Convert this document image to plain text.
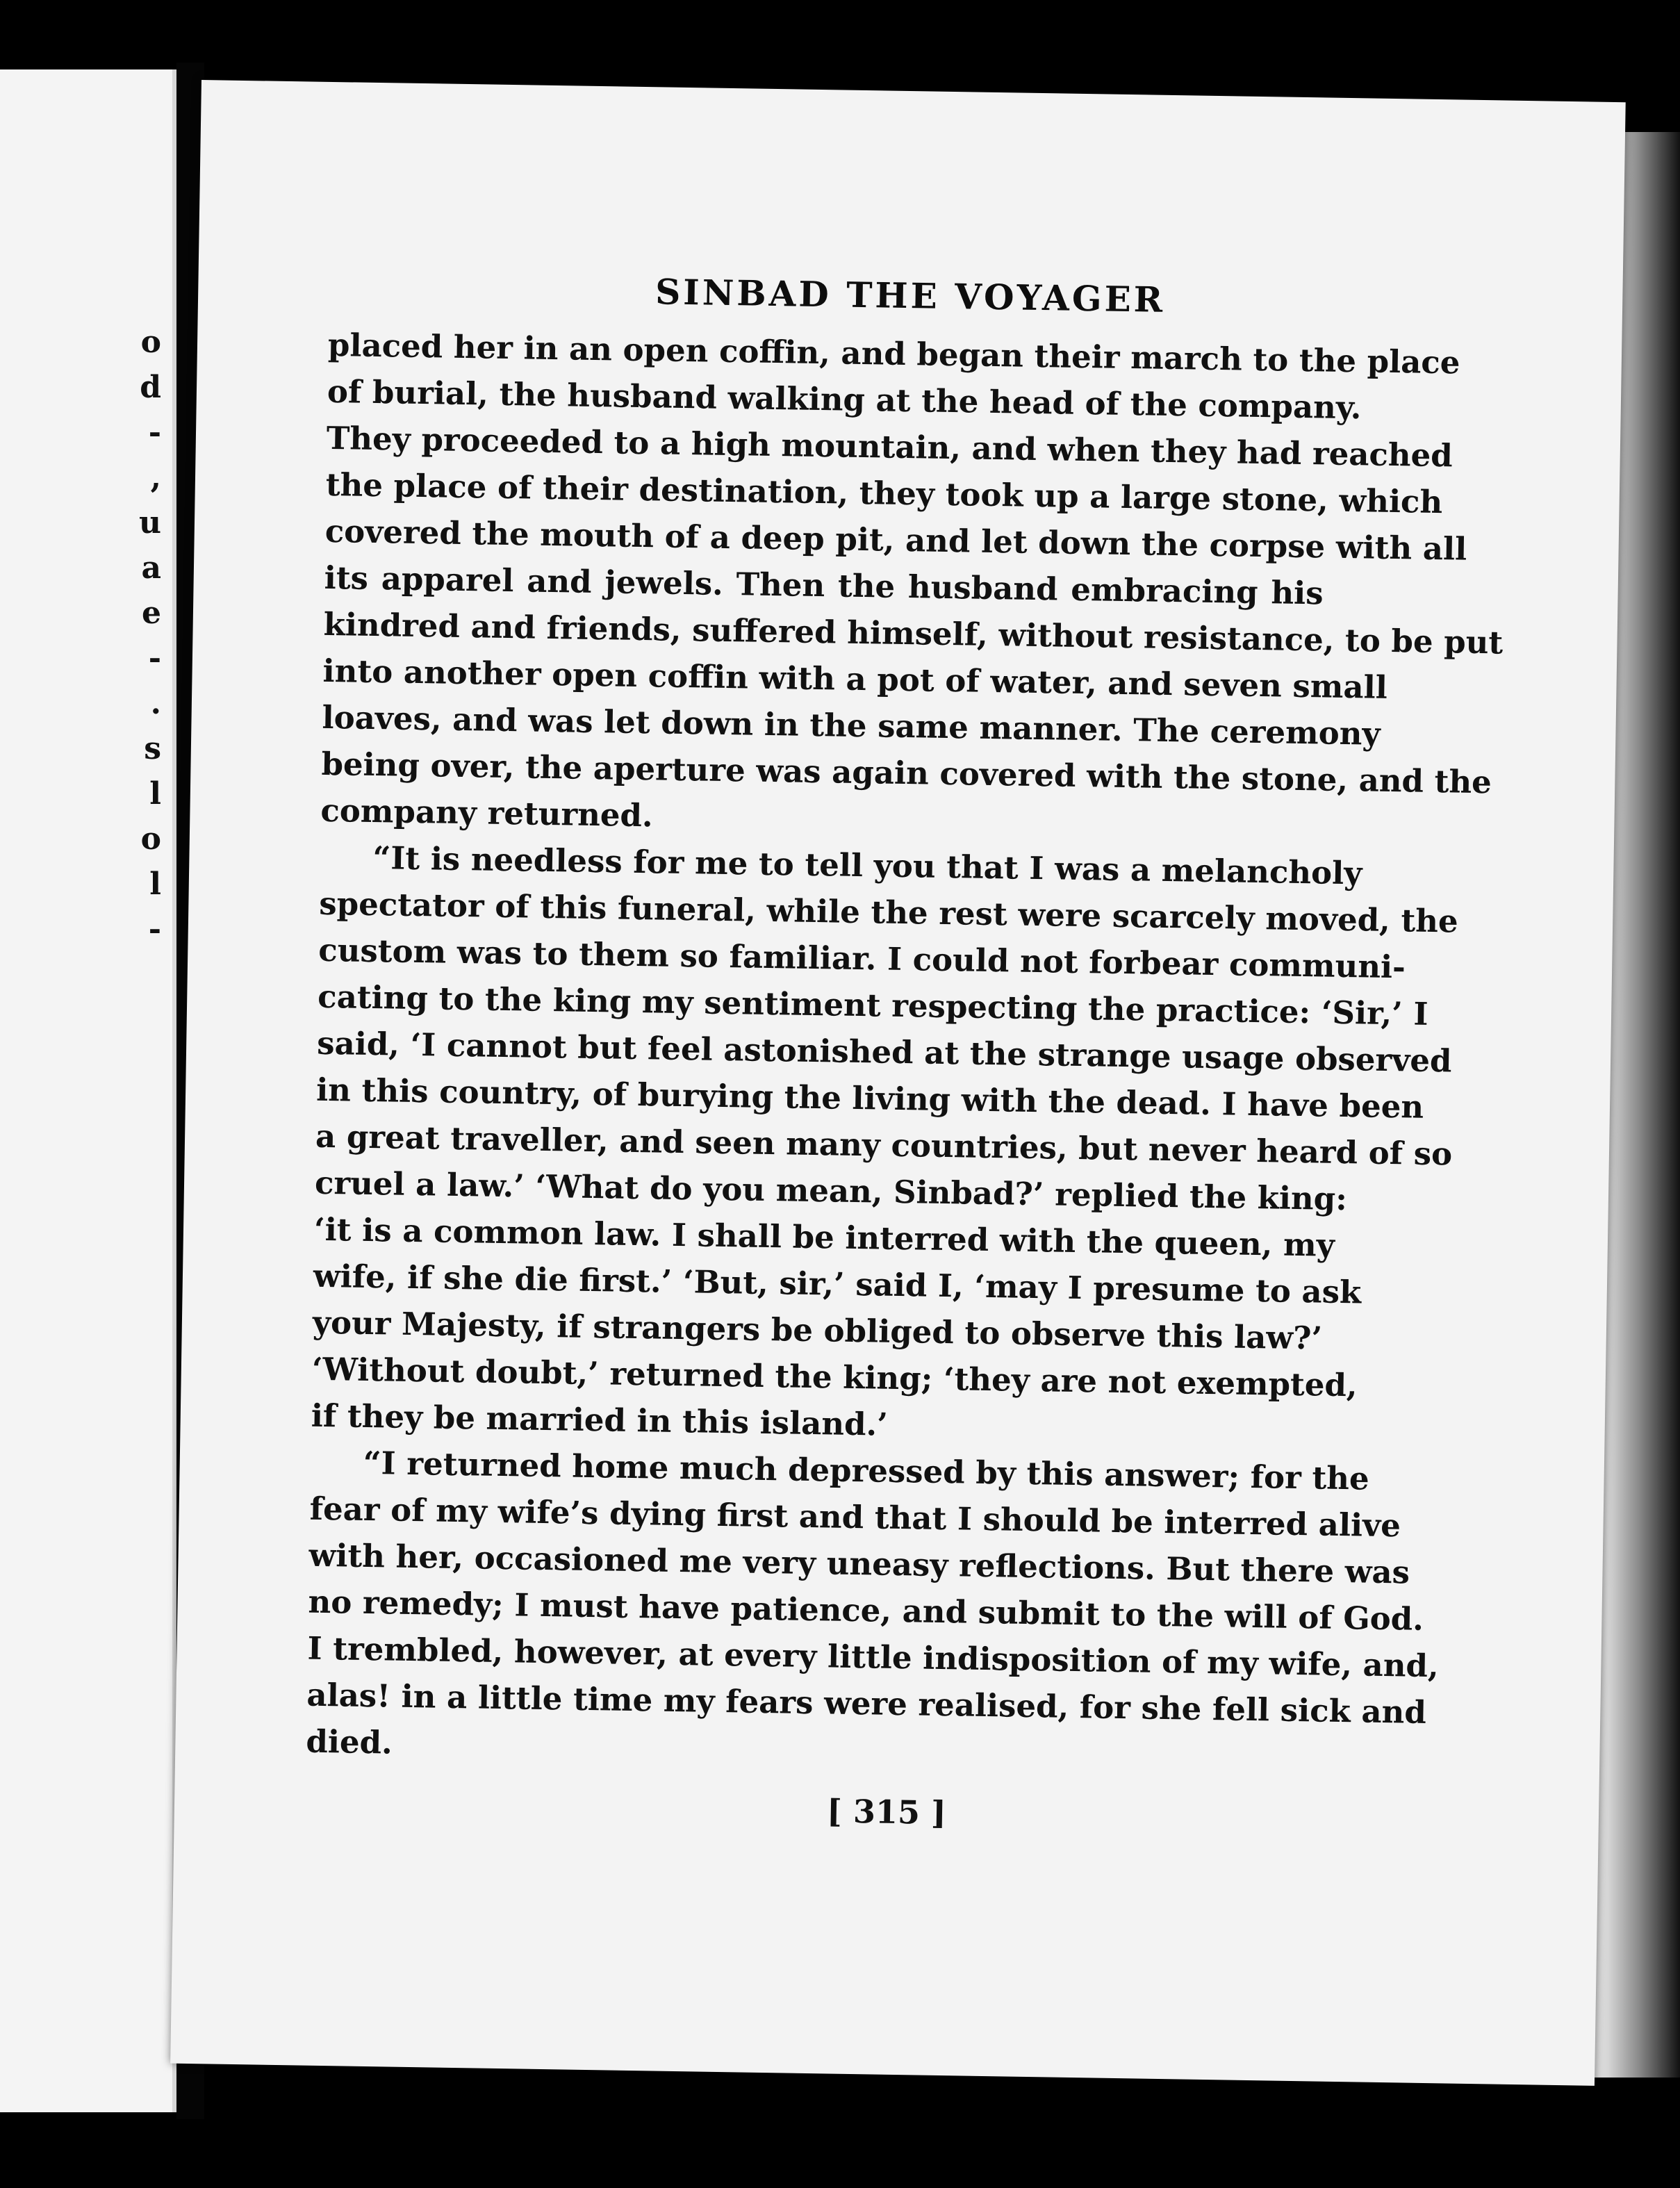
o
d
-
,
u
a
e
-
.
s
l
o
l
-
SINBAD THE VOYAGER

placed her in an open coffin, and began their march to the place
of burial, the husband walking at the head of the company.
They proceeded to a high mountain, and when they had reached
the place of their destination, they took up a large stone, which
covered the mouth of a deep pit, and let down the corpse with all
its apparel and jewels. Then the husband embracing his
kindred and friends, suffered himself, without resistance, to be put
into another open coffin with a pot of water, and seven small
loaves, and was let down in the same manner. The ceremony
being over, the aperture was again covered with the stone, and the
company returned.

“It is needless for me to tell you that I was a melancholy
spectator of this funeral, while the rest were scarcely moved, the
custom was to them so familiar. I could not forbear communi-
cating to the king my sentiment respecting the practice: ‘Sir,’ I
said, ‘I cannot but feel astonished at the strange usage observed
in this country, of burying the living with the dead. I have been
a great traveller, and seen many countries, but never heard of so
cruel a law.’ ‘What do you mean, Sinbad?’ replied the king:
‘it is a common law. I shall be interred with the queen, my
wife, if she die first.’ ‘But, sir,’ said I, ‘may I presume to ask
your Majesty, if strangers be obliged to observe this law?’
‘Without doubt,’ returned the king; ‘they are not exempted,
if they be married in this island.’

“I returned home much depressed by this answer; for the
fear of my wife’s dying first and that I should be interred alive
with her, occasioned me very uneasy reflections. But there was
no remedy; I must have patience, and submit to the will of God.
I trembled, however, at every little indisposition of my wife, and,
alas! in a little time my fears were realised, for she fell sick and
died.

[ 315 ]
